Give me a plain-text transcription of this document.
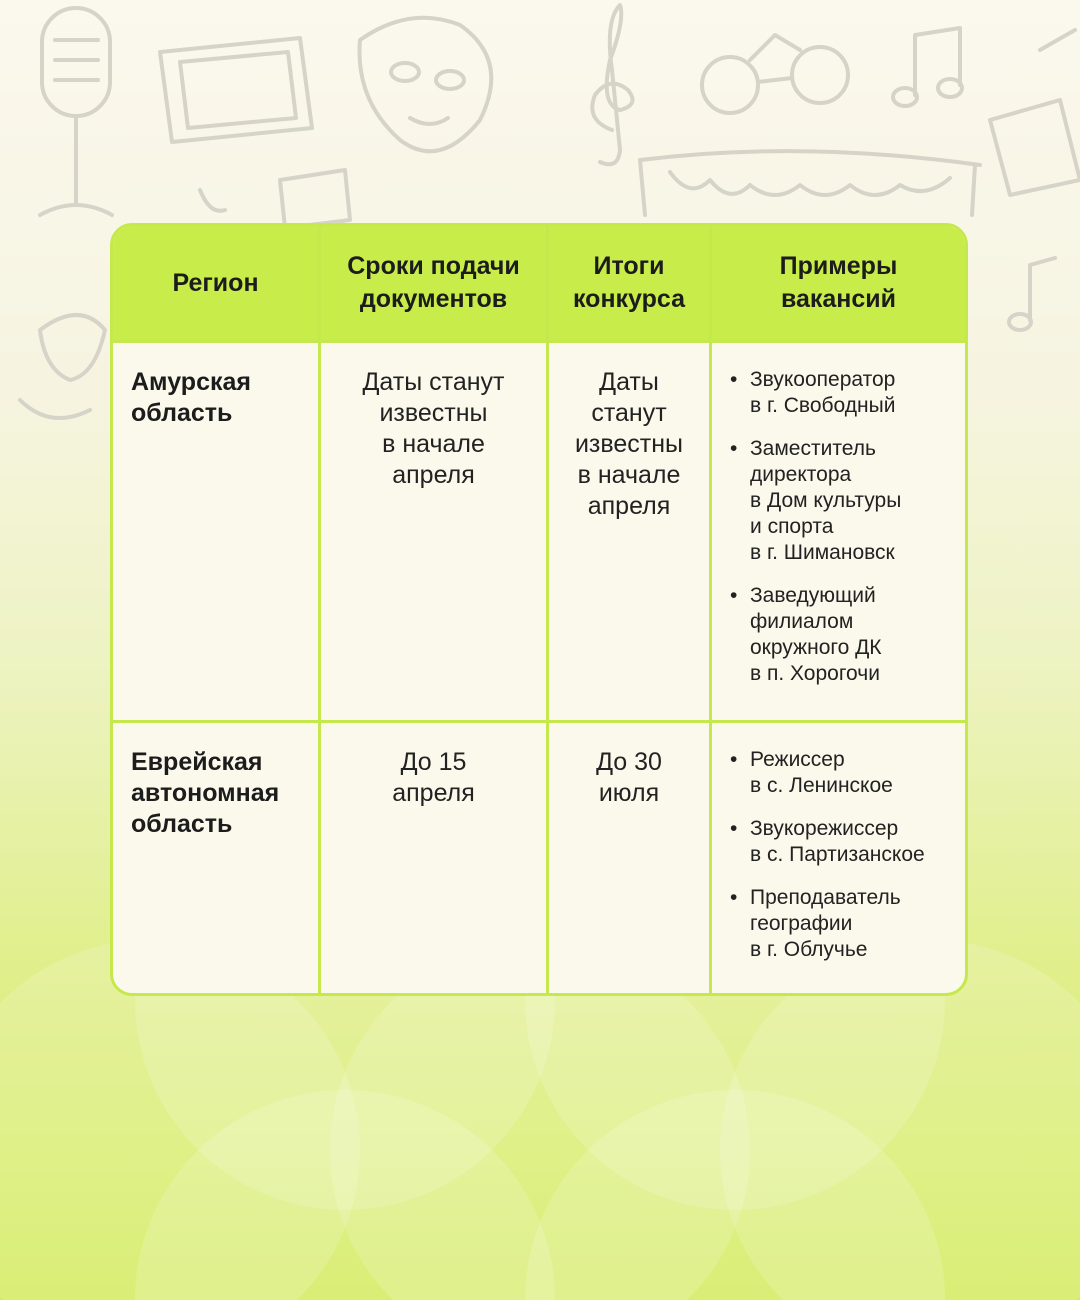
Регион
Сроки подачи
документов
Итоги
конкурса
Примеры
вакансий
Амурская
область
Даты станут
известны
в начале
апреля
Даты
станут
известны
в начале
апреля
• Звукооператор
в г. Свободный
• Заместитель
директора
в Дом культуры
и спорта
в г. Шимановск
• Заведующий
филиалом
окружного ДК
в п. Хорогочи
Еврейская
автономная
область
До 15
апреля
До 30
июля
• Режиссер
в с. Ленинское
• Звукорежиссер
в с. Партизанское
• Преподаватель
географии
в г. Облучье
